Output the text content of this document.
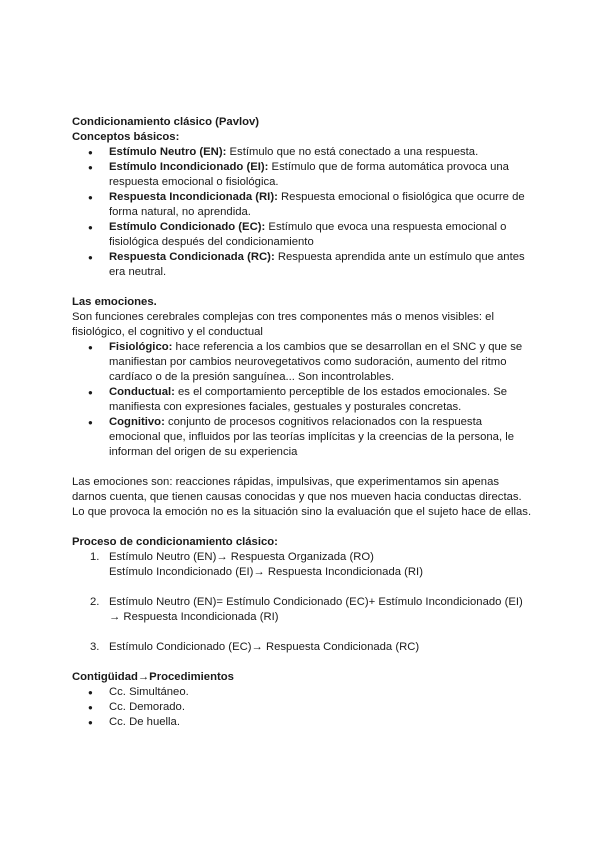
Condicionamiento clásico (Pavlov)

Conceptos básicos:

● Estímulo Neutro (EN): Estímulo que no está conectado a una respuesta.
● Estímulo Incondicionado (EI): Estímulo que de forma automática provoca una respuesta emocional o fisiológica.
● Respuesta Incondicionada (RI): Respuesta emocional o fisiológica que ocurre de forma natural, no aprendida.
● Estímulo Condicionado (EC): Estímulo que evoca una respuesta emocional o fisiológica después del condicionamiento
● Respuesta Condicionada (RC): Respuesta aprendida ante un estímulo que antes era neutral.

Las emociones.

Son funciones cerebrales complejas con tres componentes más o menos visibles: el fisiológico, el cognitivo y el conductual

● Fisiológico: hace referencia a los cambios que se desarrollan en el SNC y que se manifiestan por cambios neurovegetativos como sudoración, aumento del ritmo cardíaco o de la presión sanguínea... Son incontrolables.
● Conductual: es el comportamiento perceptible de los estados emocionales. Se manifiesta con expresiones faciales, gestuales y posturales concretas.
● Cognitivo: conjunto de procesos cognitivos relacionados con la respuesta emocional que, influidos por las teorías implícitas y la creencias de la persona, le informan del origen de su experiencia

Las emociones son: reacciones rápidas, impulsivas, que experimentamos sin apenas darnos cuenta, que tienen causas conocidas y que nos mueven hacia conductas directas. Lo que provoca la emoción no es la situación sino la evaluación que el sujeto hace de ellas.

Proceso de condicionamiento clásico:

1. Estímulo Neutro (EN)→ Respuesta Organizada (RO)
Estímulo Incondicionado (EI)→ Respuesta Incondicionada (RI)
2. Estímulo Neutro (EN)= Estímulo Condicionado (EC)+ Estímulo Incondicionado (EI) → Respuesta Incondicionada (RI)
3. Estímulo Condicionado (EC)→ Respuesta Condicionada (RC)

Contigüidad→Procedimientos

● Cc. Simultáneo.
● Cc. Demorado.
● Cc. De huella.
